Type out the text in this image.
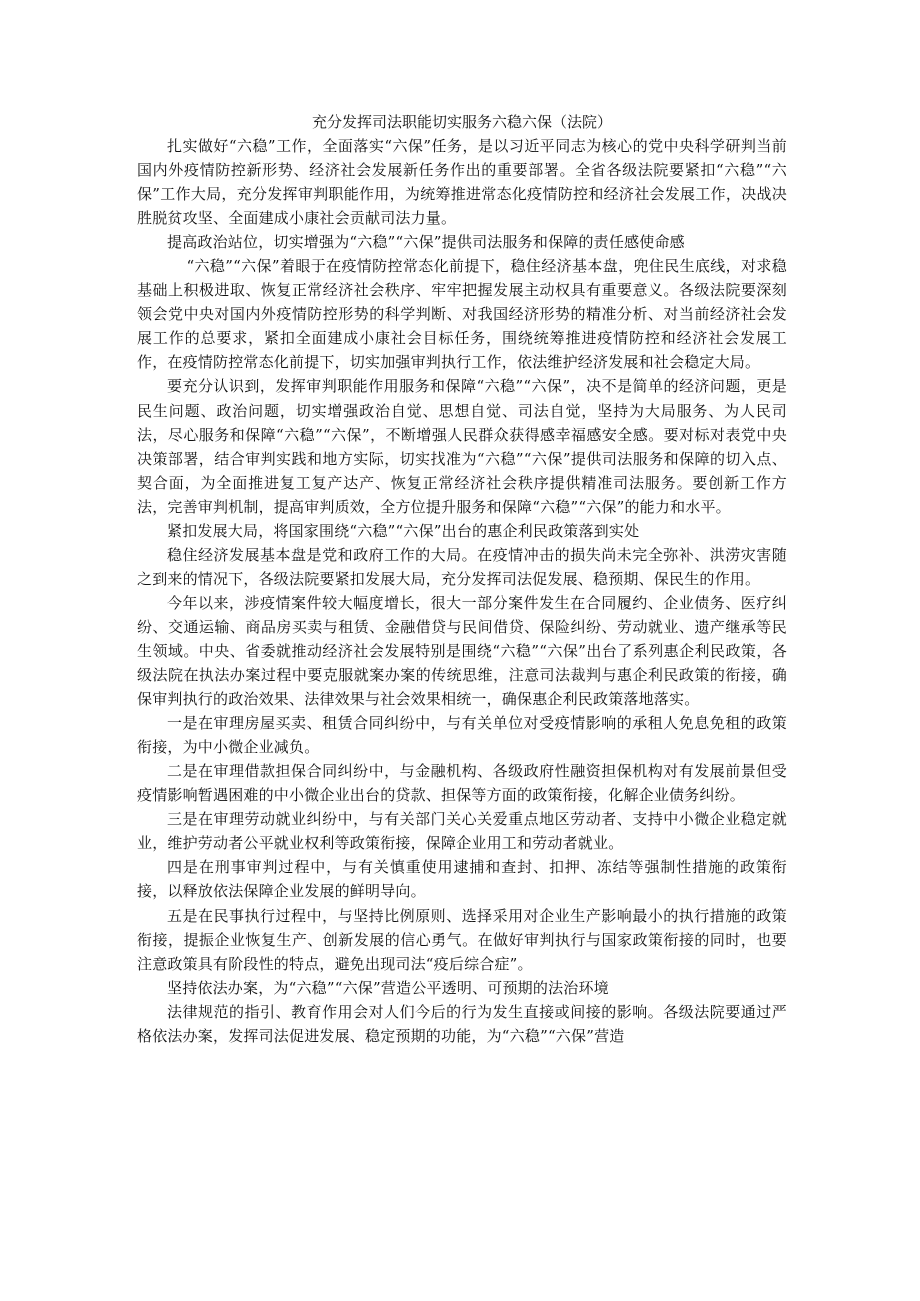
充分发挥司法职能切实服务六稳六保（法院）

扎实做好“六稳”工作，全面落实“六保”任务，是以习近平同志为核心的党中央科学研判当前国内外疫情防控新形势、经济社会发展新任务作出的重要部署。全省各级法院要紧扣“六稳”“六保”工作大局，充分发挥审判职能作用，为统筹推进常态化疫情防控和经济社会发展工作，决战决胜脱贫攻坚、全面建成小康社会贡献司法力量。

提高政治站位，切实增强为“六稳”“六保”提供司法服务和保障的责任感使命感

“六稳”“六保”着眼于在疫情防控常态化前提下，稳住经济基本盘，兜住民生底线，对求稳基础上积极进取、恢复正常经济社会秩序、牢牢把握发展主动权具有重要意义。各级法院要深刻领会党中央对国内外疫情防控形势的科学判断、对我国经济形势的精准分析、对当前经济社会发展工作的总要求，紧扣全面建成小康社会目标任务，围绕统筹推进疫情防控和经济社会发展工作，在疫情防控常态化前提下，切实加强审判执行工作，依法维护经济发展和社会稳定大局。

要充分认识到，发挥审判职能作用服务和保障“六稳”“六保”，决不是简单的经济问题，更是民生问题、政治问题，切实增强政治自觉、思想自觉、司法自觉，坚持为大局服务、为人民司法，尽心服务和保障“六稳”“六保”，不断增强人民群众获得感幸福感安全感。要对标对表党中央决策部署，结合审判实践和地方实际，切实找准为“六稳”“六保”提供司法服务和保障的切入点、契合面，为全面推进复工复产达产、恢复正常经济社会秩序提供精准司法服务。要创新工作方法，完善审判机制，提高审判质效，全方位提升服务和保障“六稳”“六保”的能力和水平。

紧扣发展大局，将国家围绕“六稳”“六保”出台的惠企利民政策落到实处

稳住经济发展基本盘是党和政府工作的大局。在疫情冲击的损失尚未完全弥补、洪涝灾害随之到来的情况下，各级法院要紧扣发展大局，充分发挥司法促发展、稳预期、保民生的作用。

今年以来，涉疫情案件较大幅度增长，很大一部分案件发生在合同履约、企业债务、医疗纠纷、交通运输、商品房买卖与租赁、金融借贷与民间借贷、保险纠纷、劳动就业、遗产继承等民生领域。中央、省委就推动经济社会发展特别是围绕“六稳”“六保”出台了系列惠企利民政策，各级法院在执法办案过程中要克服就案办案的传统思维，注意司法裁判与惠企利民政策的衔接，确保审判执行的政治效果、法律效果与社会效果相统一，确保惠企利民政策落地落实。

一是在审理房屋买卖、租赁合同纠纷中，与有关单位对受疫情影响的承租人免息免租的政策衔接，为中小微企业减负。

二是在审理借款担保合同纠纷中，与金融机构、各级政府性融资担保机构对有发展前景但受疫情影响暂遇困难的中小微企业出台的贷款、担保等方面的政策衔接，化解企业债务纠纷。

三是在审理劳动就业纠纷中，与有关部门关心关爱重点地区劳动者、支持中小微企业稳定就业，维护劳动者公平就业权利等政策衔接，保障企业用工和劳动者就业。

四是在刑事审判过程中，与有关慎重使用逮捕和查封、扣押、冻结等强制性措施的政策衔接，以释放依法保障企业发展的鲜明导向。

五是在民事执行过程中，与坚持比例原则、选择采用对企业生产影响最小的执行措施的政策衔接，提振企业恢复生产、创新发展的信心勇气。在做好审判执行与国家政策衔接的同时，也要注意政策具有阶段性的特点，避免出现司法“疫后综合症”。

坚持依法办案，为“六稳”“六保”营造公平透明、可预期的法治环境

法律规范的指引、教育作用会对人们今后的行为发生直接或间接的影响。各级法院要通过严格依法办案，发挥司法促进发展、稳定预期的功能，为“六稳”“六保”营造
